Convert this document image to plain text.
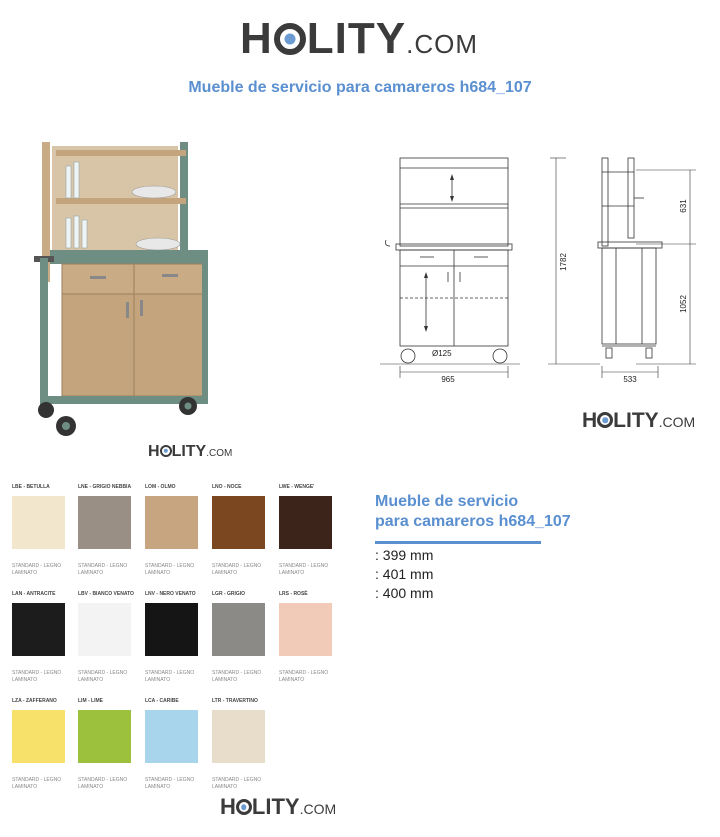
H LITY.COM
Mueble de servicio para camareros h684_107
Ø125
965
1782
533
631
1052
H LITY.COM
H LITY.COM
LBE - BETULLA
STANDARD - LEGNO
LAMINATO
LNE - GRIGIO NEBBIA
STANDARD - LEGNO
LAMINATO
LOM - OLMO
STANDARD - LEGNO
LAMINATO
LNO - NOCE
STANDARD - LEGNO
LAMINATO
LWE - WENGE'
STANDARD - LEGNO
LAMINATO
LAN - ANTRACITE
STANDARD - LEGNO
LAMINATO
LBV - BIANCO VENATO
STANDARD - LEGNO
LAMINATO
LNV - NERO VENATO
STANDARD - LEGNO
LAMINATO
LGR - GRIGIO
STANDARD - LEGNO
LAMINATO
LRS - ROSÈ
STANDARD - LEGNO
LAMINATO
LZA - ZAFFERANO
STANDARD - LEGNO
LAMINATO
LIM - LIME
STANDARD - LEGNO
LAMINATO
LCA - CARIBE
STANDARD - LEGNO
LAMINATO
LTR - TRAVERTINO
STANDARD - LEGNO
LAMINATO
Mueble de servicio
para camareros h684_107
: 399 mm
: 401 mm
: 400 mm
H LITY.COM
